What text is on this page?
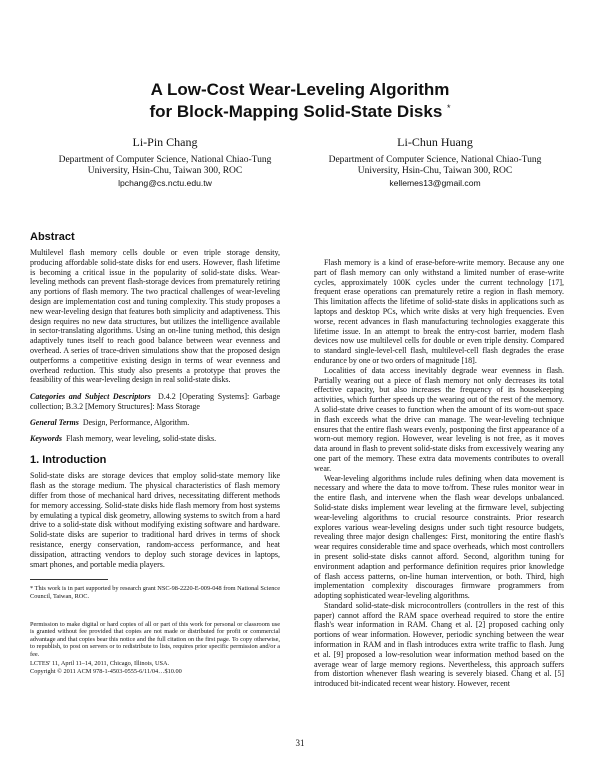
A Low-Cost Wear-Leveling Algorithm
for Block-Mapping Solid-State Disks *
Li-Pin Chang
Department of Computer Science, National Chiao-Tung
University, Hsin-Chu, Taiwan 300, ROC
lpchang@cs.nctu.edu.tw
Li-Chun Huang
Department of Computer Science, National Chiao-Tung
University, Hsin-Chu, Taiwan 300, ROC
kellemes13@gmail.com
Abstract

Multilevel flash memory cells double or even triple storage density, producing affordable solid-state disks for end users. However, flash lifetime is becoming a critical issue in the popularity of solid-state disks. Wear-leveling methods can prevent flash-storage devices from prematurely retiring any portions of flash memory. The two practical challenges of wear-leveling design are implementation cost and tuning complexity. This study proposes a new wear-leveling design that features both simplicity and adaptiveness. This design requires no new data structures, but utilizes the intelligence available in sector-translating algorithms. Using an on-line tuning method, this design adaptively tunes itself to reach good balance between wear evenness and overhead. A series of trace-driven simulations show that the proposed design outperforms a competitive existing design in terms of wear evenness and overhead reduction. This study also presents a prototype that proves the feasibility of this wear-leveling design in real solid-state disks.

Categories and Subject Descriptors D.4.2 [Operating Systems]: Garbage collection; B.3.2 [Memory Structures]: Mass Storage
General Terms Design, Performance, Algorithm.
Keywords Flash memory, wear leveling, solid-state disks.
1. Introduction

Solid-state disks are storage devices that employ solid-state memory like flash as the storage medium. The physical characteristics of flash memory differ from those of mechanical hard drives, necessitating different methods for memory accessing. Solid-state disks hide flash memory from host systems by emulating a typical disk geometry, allowing systems to switch from a hard drive to a solid-state disk without modifying existing software and hardware. Solid-state disks are superior to traditional hard drives in terms of shock resistance, energy conservation, random-access performance, and heat dissipation, attracting vendors to deploy such storage devices in laptops, smart phones, and portable media players.

* This work is in part supported by research grant NSC-98-2220-E-009-048 from National Science Council, Taiwan, ROC.

Permission to make digital or hard copies of all or part of this work for personal or classroom use is granted without fee provided that copies are not made or distributed for profit or commercial advantage and that copies bear this notice and the full citation on the first page. To copy otherwise, to republish, to post on servers or to redistribute to lists, requires prior specific permission and/or a fee.

LCTES' 11, April 11–14, 2011, Chicago, Illinois, USA.

Copyright © 2011 ACM 978-1-4503-0555-6/11/04…$10.00

Flash memory is a kind of erase-before-write memory. Because any one part of flash memory can only withstand a limited number of erase-write cycles, approximately 100K cycles under the current technology [17], frequent erase operations can prematurely retire a region in flash memory. This limitation affects the lifetime of solid-state disks in applications such as laptops and desktop PCs, which write disks at very high frequencies. Even worse, recent advances in flash manufacturing technologies exaggerate this lifetime issue. In an attempt to break the entry-cost barrier, modern flash devices now use multilevel cells for double or even triple density. Compared to standard single-level-cell flash, multilevel-cell flash degrades the erase endurance by one or two orders of magnitude [18].

Localities of data access inevitably degrade wear evenness in flash. Partially wearing out a piece of flash memory not only decreases its total effective capacity, but also increases the frequency of its housekeeping activities, which further speeds up the wearing out of the rest of the memory. A solid-state drive ceases to function when the amount of its worn-out space in flash exceeds what the drive can manage. The wear-leveling technique ensures that the entire flash wears evenly, postponing the first appearance of a worn-out memory region. However, wear leveling is not free, as it moves data around in flash to prevent solid-state disks from excessively wearing any one part of the memory. These extra data movements contributes to overall wear.

Wear-leveling algorithms include rules defining when data movement is necessary and where the data to move to/from. These rules monitor wear in the entire flash, and intervene when the flash wear develops unbalanced. Solid-state disks implement wear leveling at the firmware level, subjecting wear-leveling algorithms to crucial resource constraints. Prior research explores various wear-leveling designs under such tight resource budgets, revealing three major design challenges: First, monitoring the entire flash's wear requires considerable time and space overheads, which most controllers in present solid-state disks cannot afford. Second, algorithm tuning for environment adaption and performance definition requires prior knowledge of flash access patterns, on-line human intervention, or both. Third, high implementation complexity discourages firmware programmers from adopting sophisticated wear-leveling algorithms.

Standard solid-state-disk microcontrollers (controllers in the rest of this paper) cannot afford the RAM space overhead required to store the entire flash's wear information in RAM. Chang et al. [2] proposed caching only portions of wear information. However, periodic synching between the wear information in RAM and in flash introduces extra write traffic to flash. Jung et al. [9] proposed a low-resolution wear information method based on the average wear of large memory regions. Nevertheless, this approach suffers from distortion whenever flash wearing is severely biased. Chang et al. [5] introduced bit-indicated recent wear history. However, recent

31
